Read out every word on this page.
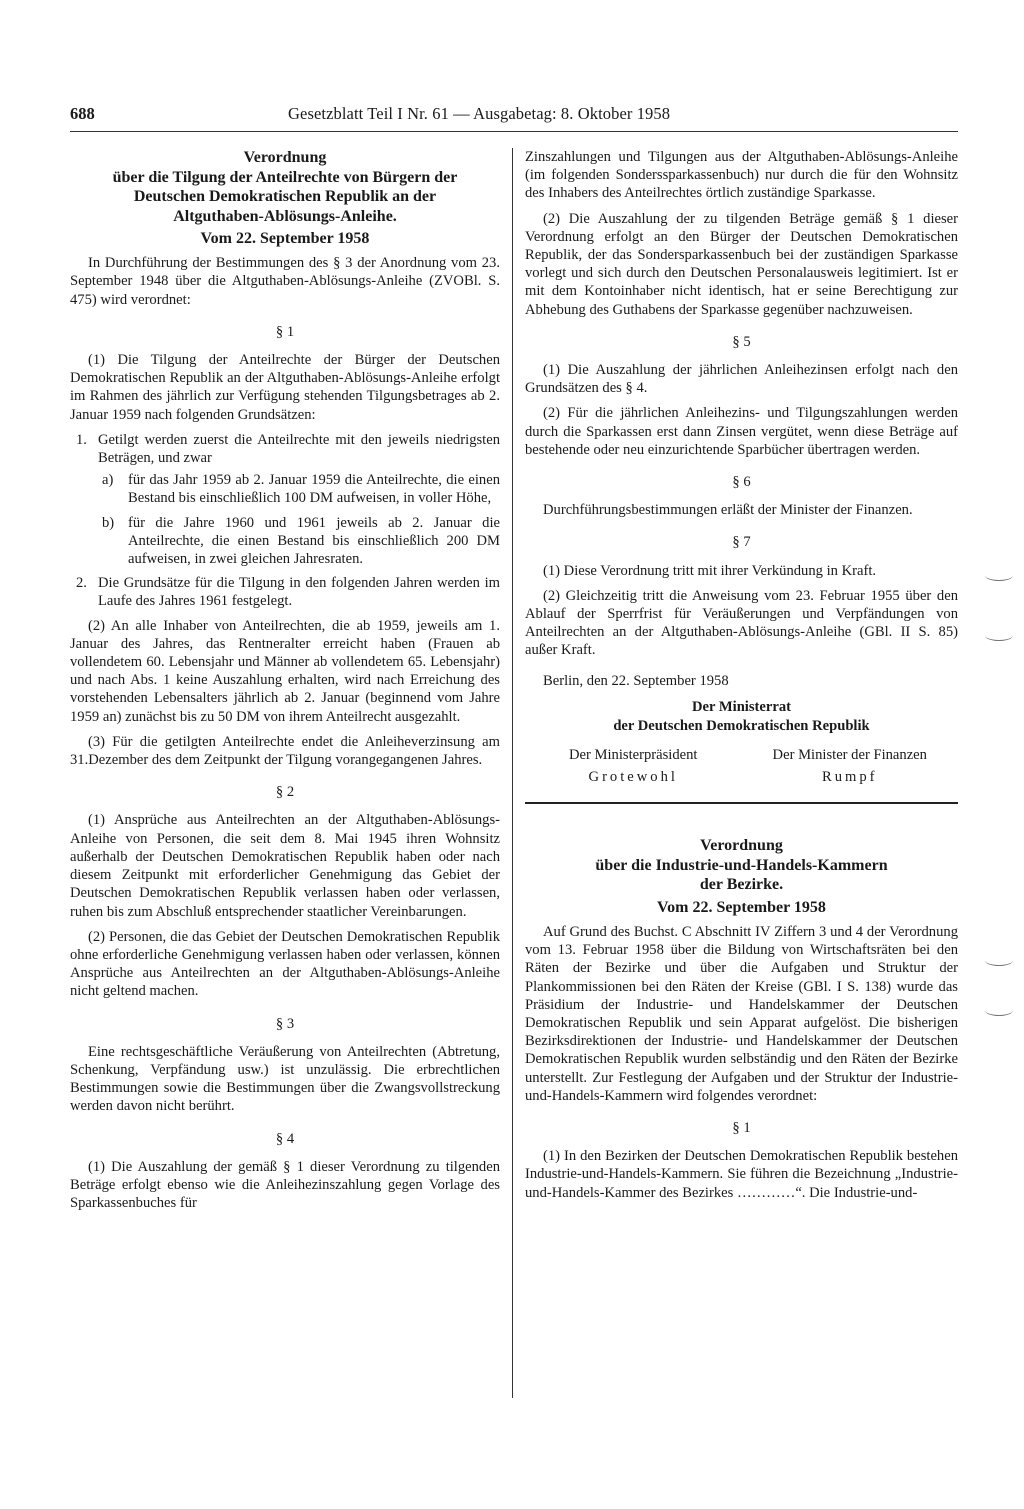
688	Gesetzblatt Teil I Nr. 61 — Ausgabetag: 8. Oktober 1958
Verordnung
über die Tilgung der Anteilrechte von Bürgern der
Deutschen Demokratischen Republik an der
Altguthaben-Ablösungs-Anleihe.
Vom 22. September 1958

In Durchführung der Bestimmungen des § 3 der Anordnung vom 23. September 1948 über die Altguthaben-Ablösungs-Anleihe (ZVOBl. S. 475) wird verordnet:

§ 1

(1) Die Tilgung der Anteilrechte der Bürger der Deutschen Demokratischen Republik an der Altguthaben-Ablösungs-Anleihe erfolgt im Rahmen des jährlich zur Verfügung stehenden Tilgungsbetrages ab 2. Januar 1959 nach folgenden Grundsätzen:

1. Getilgt werden zuerst die Anteilrechte mit den jeweils niedrigsten Beträgen, und zwar
a) für das Jahr 1959 ab 2. Januar 1959 die Anteilrechte, die einen Bestand bis einschließlich 100 DM aufweisen, in voller Höhe,
b) für die Jahre 1960 und 1961 jeweils ab 2. Januar die Anteilrechte, die einen Bestand bis einschließlich 200 DM aufweisen, in zwei gleichen Jahresraten.
2. Die Grundsätze für die Tilgung in den folgenden Jahren werden im Laufe des Jahres 1961 festgelegt.

(2) An alle Inhaber von Anteilrechten, die ab 1959, jeweils am 1. Januar des Jahres, das Rentneralter erreicht haben (Frauen ab vollendetem 60. Lebensjahr und Männer ab vollendetem 65. Lebensjahr) und nach Abs. 1 keine Auszahlung erhalten, wird nach Erreichung des vorstehenden Lebensalters jährlich ab 2. Januar (beginnend vom Jahre 1959 an) zunächst bis zu 50 DM von ihrem Anteilrecht ausgezahlt.

(3) Für die getilgten Anteilrechte endet die Anleiheverzinsung am 31.Dezember des dem Zeitpunkt der Tilgung vorangegangenen Jahres.

§ 2

(1) Ansprüche aus Anteilrechten an der Altguthaben-Ablösungs-Anleihe von Personen, die seit dem 8. Mai 1945 ihren Wohnsitz außerhalb der Deutschen Demokratischen Republik haben oder nach diesem Zeitpunkt mit erforderlicher Genehmigung das Gebiet der Deutschen Demokratischen Republik verlassen haben oder verlassen, ruhen bis zum Abschluß entsprechender staatlicher Vereinbarungen.

(2) Personen, die das Gebiet der Deutschen Demokratischen Republik ohne erforderliche Genehmigung verlassen haben oder verlassen, können Ansprüche aus Anteilrechten an der Altguthaben-Ablösungs-Anleihe nicht geltend machen.

§ 3

Eine rechtsgeschäftliche Veräußerung von Anteilrechten (Abtretung, Schenkung, Verpfändung usw.) ist unzulässig. Die erbrechtlichen Bestimmungen sowie die Bestimmungen über die Zwangsvollstreckung werden davon nicht berührt.

§ 4

(1) Die Auszahlung der gemäß § 1 dieser Verordnung zu tilgenden Beträge erfolgt ebenso wie die Anleihezinszahlung gegen Vorlage des Sparkassenbuches für

Zinszahlungen und Tilgungen aus der Altguthaben-Ablösungs-Anleihe (im folgenden Sonderssparkassenbuch) nur durch die für den Wohnsitz des Inhabers des Anteilrechtes örtlich zuständige Sparkasse.

(2) Die Auszahlung der zu tilgenden Beträge gemäß § 1 dieser Verordnung erfolgt an den Bürger der Deutschen Demokratischen Republik, der das Sondersparkassenbuch bei der zuständigen Sparkasse vorlegt und sich durch den Deutschen Personalausweis legitimiert. Ist er mit dem Kontoinhaber nicht identisch, hat er seine Berechtigung zur Abhebung des Guthabens der Sparkasse gegenüber nachzuweisen.

§ 5

(1) Die Auszahlung der jährlichen Anleihezinsen erfolgt nach den Grundsätzen des § 4.

(2) Für die jährlichen Anleihezins- und Tilgungszahlungen werden durch die Sparkassen erst dann Zinsen vergütet, wenn diese Beträge auf bestehende oder neu einzurichtende Sparbücher übertragen werden.

§ 6

Durchführungsbestimmungen erläßt der Minister der Finanzen.

§ 7

(1) Diese Verordnung tritt mit ihrer Verkündung in Kraft.

(2) Gleichzeitig tritt die Anweisung vom 23. Februar 1955 über den Ablauf der Sperrfrist für Veräußerungen und Verpfändungen von Anteilrechten an der Altguthaben-Ablösungs-Anleihe (GBl. II S. 85) außer Kraft.

Berlin, den 22. September 1958
Der Ministerrat
der Deutschen Demokratischen Republik
Der Ministerpräsident
Grotewohl
Der Minister der Finanzen
Rumpf
Verordnung
über die Industrie-und-Handels-Kammern
der Bezirke.
Vom 22. September 1958

Auf Grund des Buchst. C Abschnitt IV Ziffern 3 und 4 der Verordnung vom 13. Februar 1958 über die Bildung von Wirtschaftsräten bei den Räten der Bezirke und über die Aufgaben und Struktur der Plankommissionen bei den Räten der Kreise (GBl. I S. 138) wurde das Präsidium der Industrie- und Handelskammer der Deutschen Demokratischen Republik und sein Apparat aufgelöst. Die bisherigen Bezirksdirektionen der Industrie- und Handelskammer der Deutschen Demokratischen Republik wurden selbständig und den Räten der Bezirke unterstellt. Zur Festlegung der Aufgaben und der Struktur der Industrie-und-Handels-Kammern wird folgendes verordnet:

§ 1

(1) In den Bezirken der Deutschen Demokratischen Republik bestehen Industrie-und-Handels-Kammern. Sie führen die Bezeichnung „Industrie-und-Handels-Kammer des Bezirkes …………“. Die Industrie-und-
